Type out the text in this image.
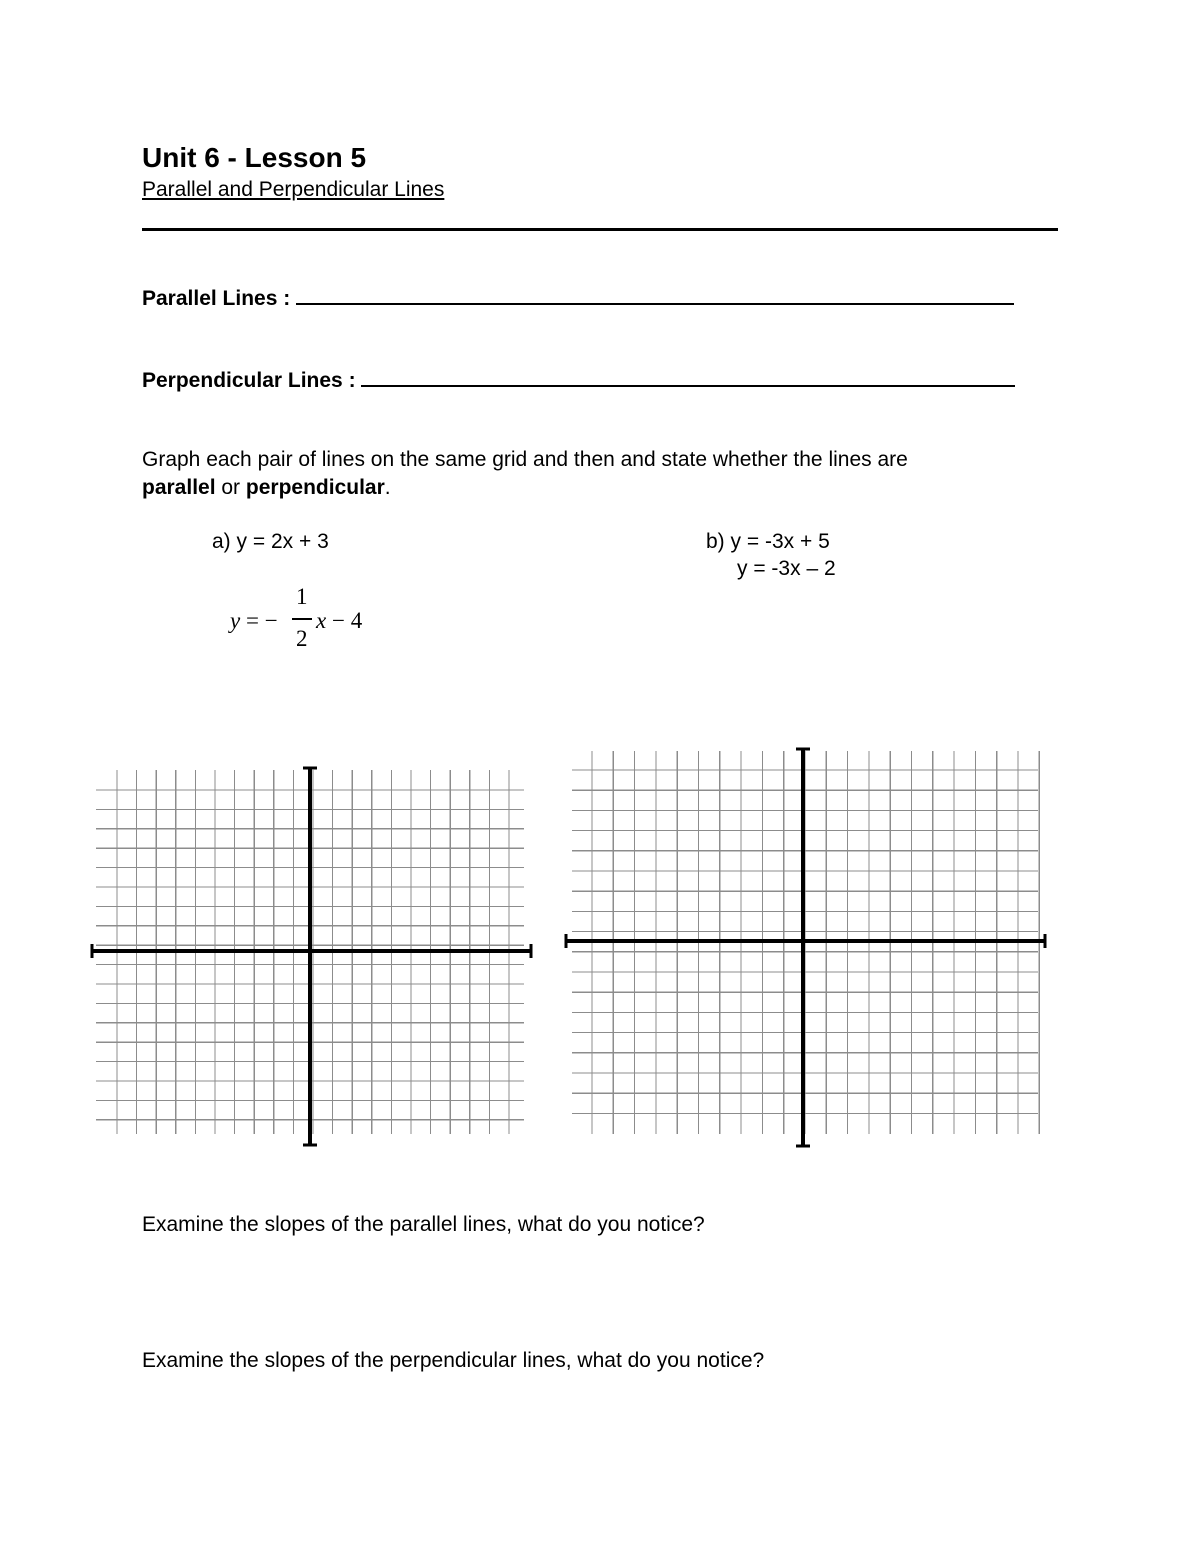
Unit 6 - Lesson 5
Parallel and Perpendicular Lines
Parallel Lines :
Perpendicular Lines :
Graph each pair of lines on the same grid and then and state whether the lines are
parallel or perpendicular.
a) y = 2x + 3
y = −
1
2
x − 4
b) y = -3x + 5
y = -3x – 2
Examine the slopes of the parallel lines, what do you notice?
Examine the slopes of the perpendicular lines, what do you notice?
